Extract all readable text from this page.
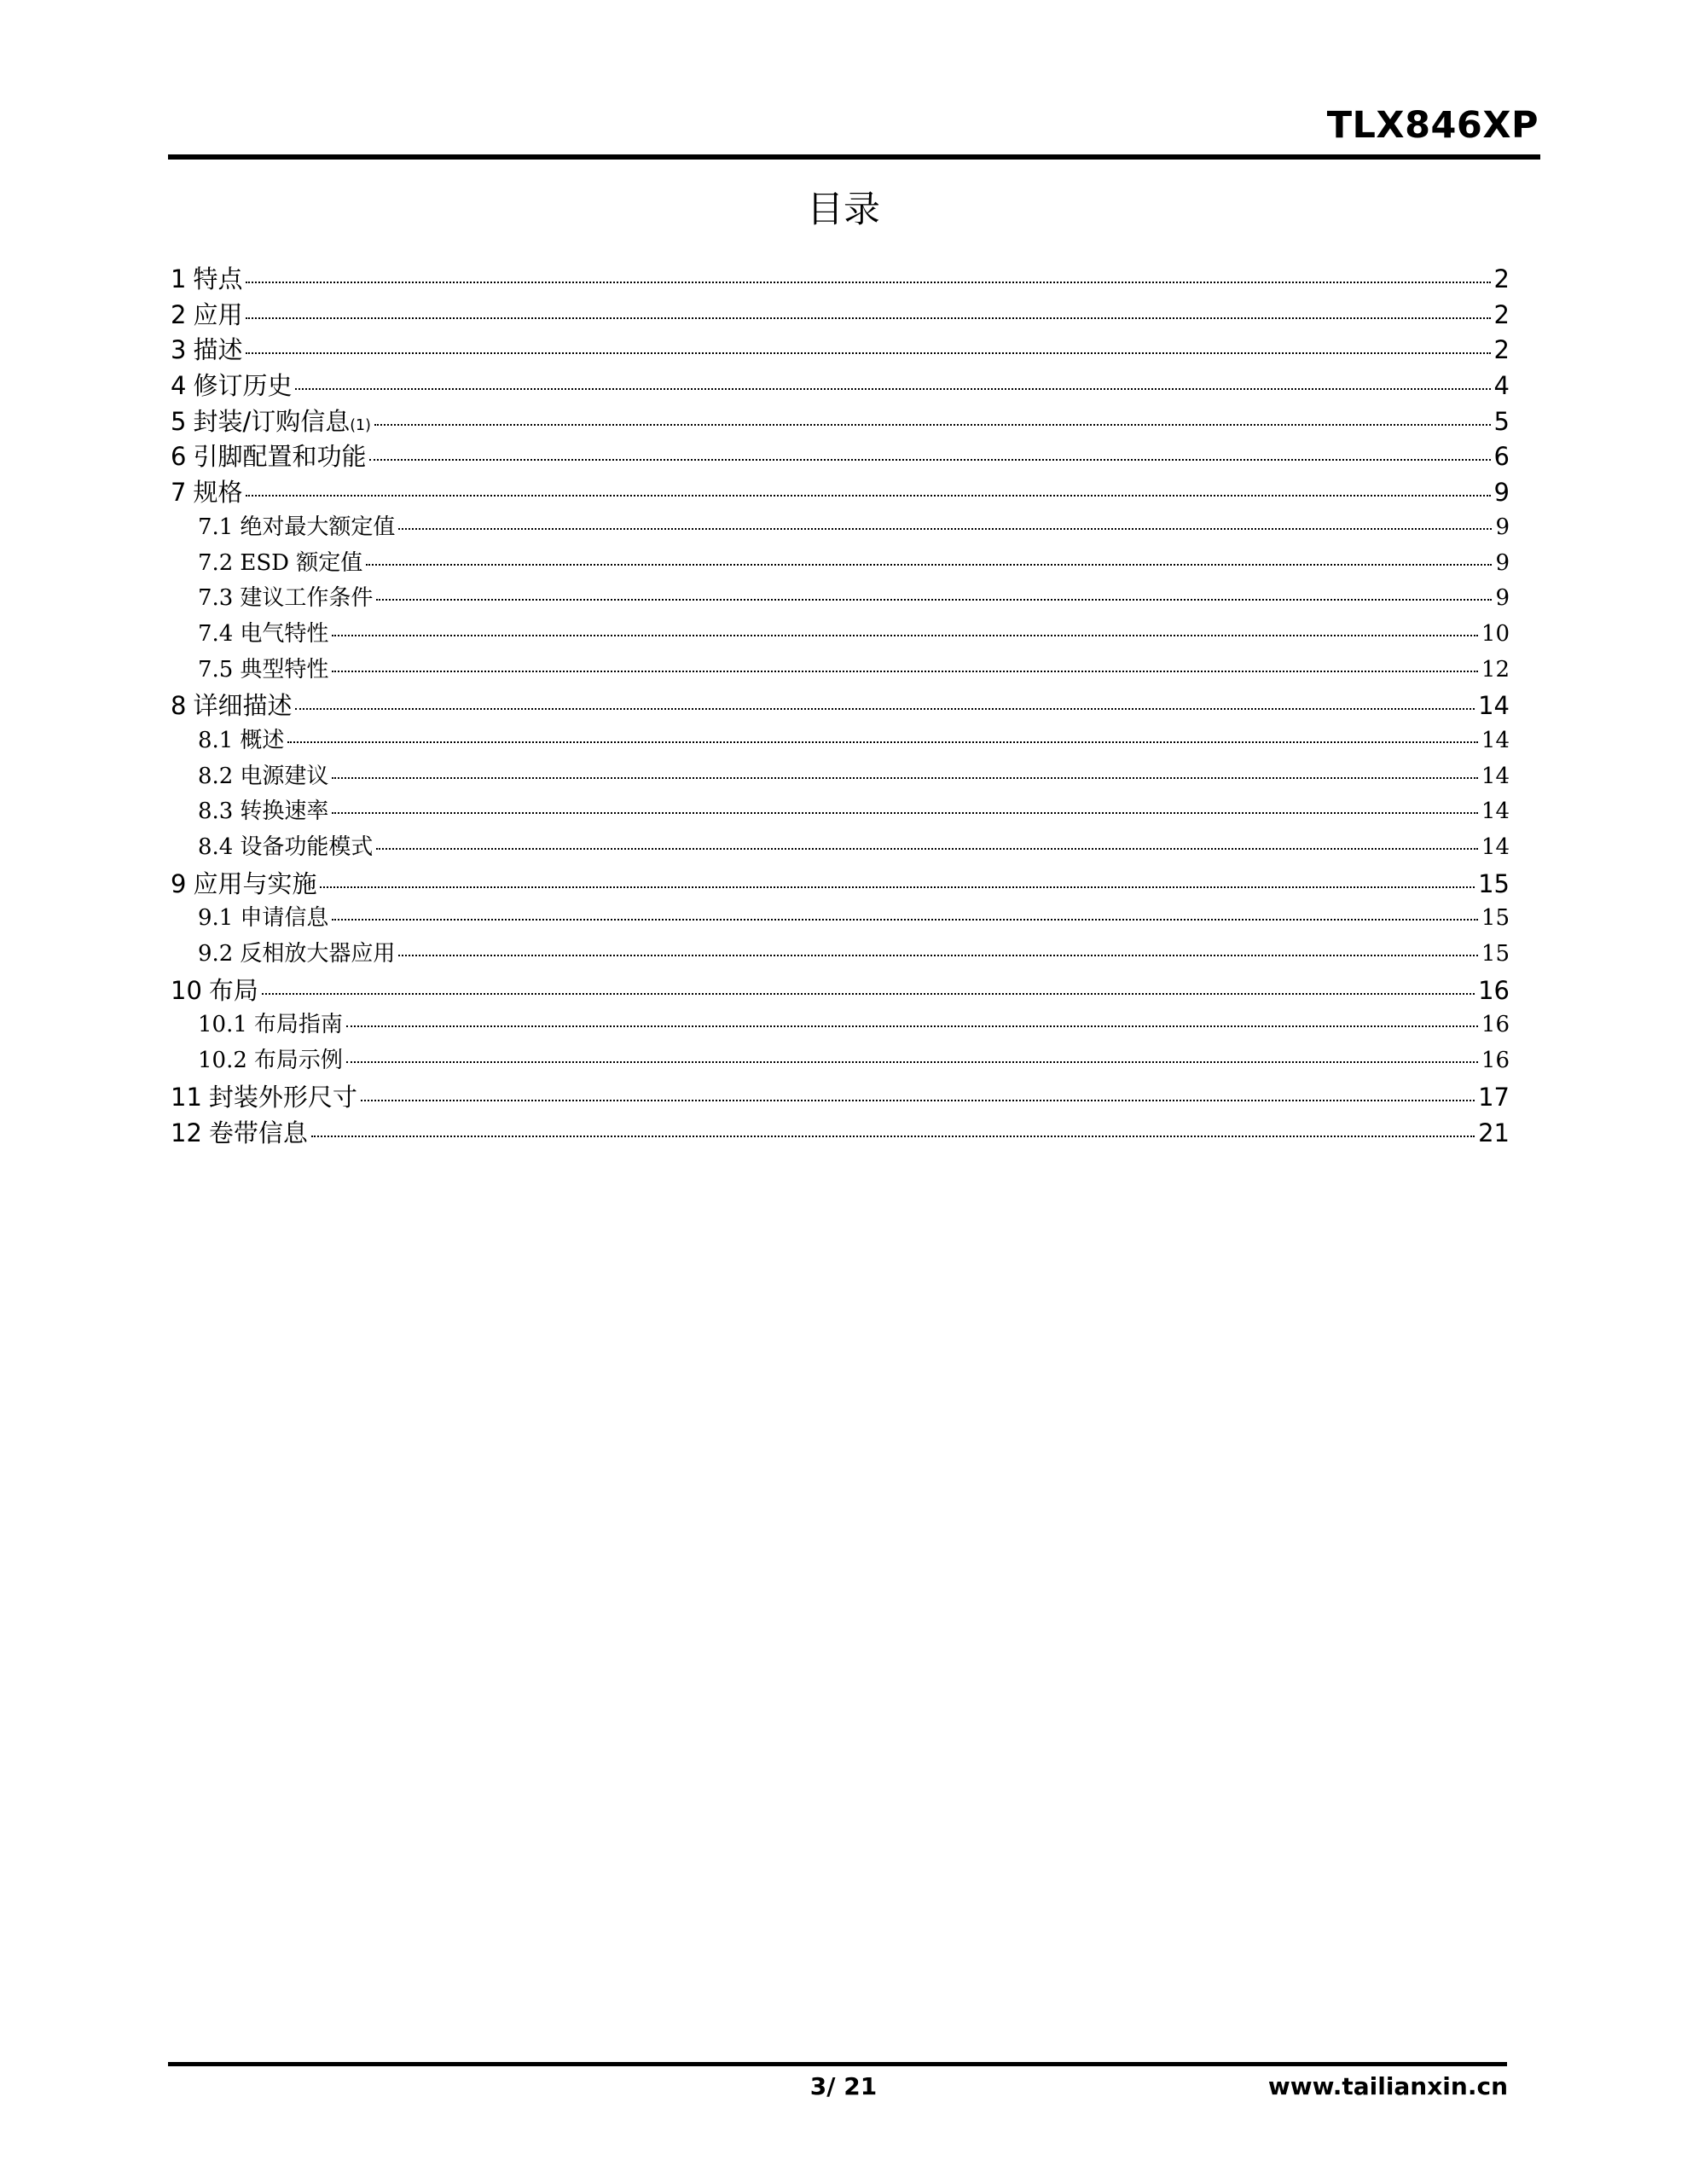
TLX846XP
目录
1 特点	2
2 应用	2
3 描述	2
4 修订历史	4
5 封装/订购信息$_{(1)}$	5
6 引脚配置和功能	6
7 规格	9
7.1 绝对最大额定值	9
7.2 ESD 额定值	9
7.3 建议工作条件	9
7.4 电气特性	10
7.5 典型特性	12
8 详细描述	14
8.1 概述	14
8.2 电源建议	14
8.3 转换速率	14
8.4 设备功能模式	14
9 应用与实施	15
9.1 申请信息	15
9.2 反相放大器应用	15
10 布局	16
10.1 布局指南	16
10.2 布局示例	16
11 封装外形尺寸	17
12 卷带信息	21
3/ 21	www.tailianxin.cn
